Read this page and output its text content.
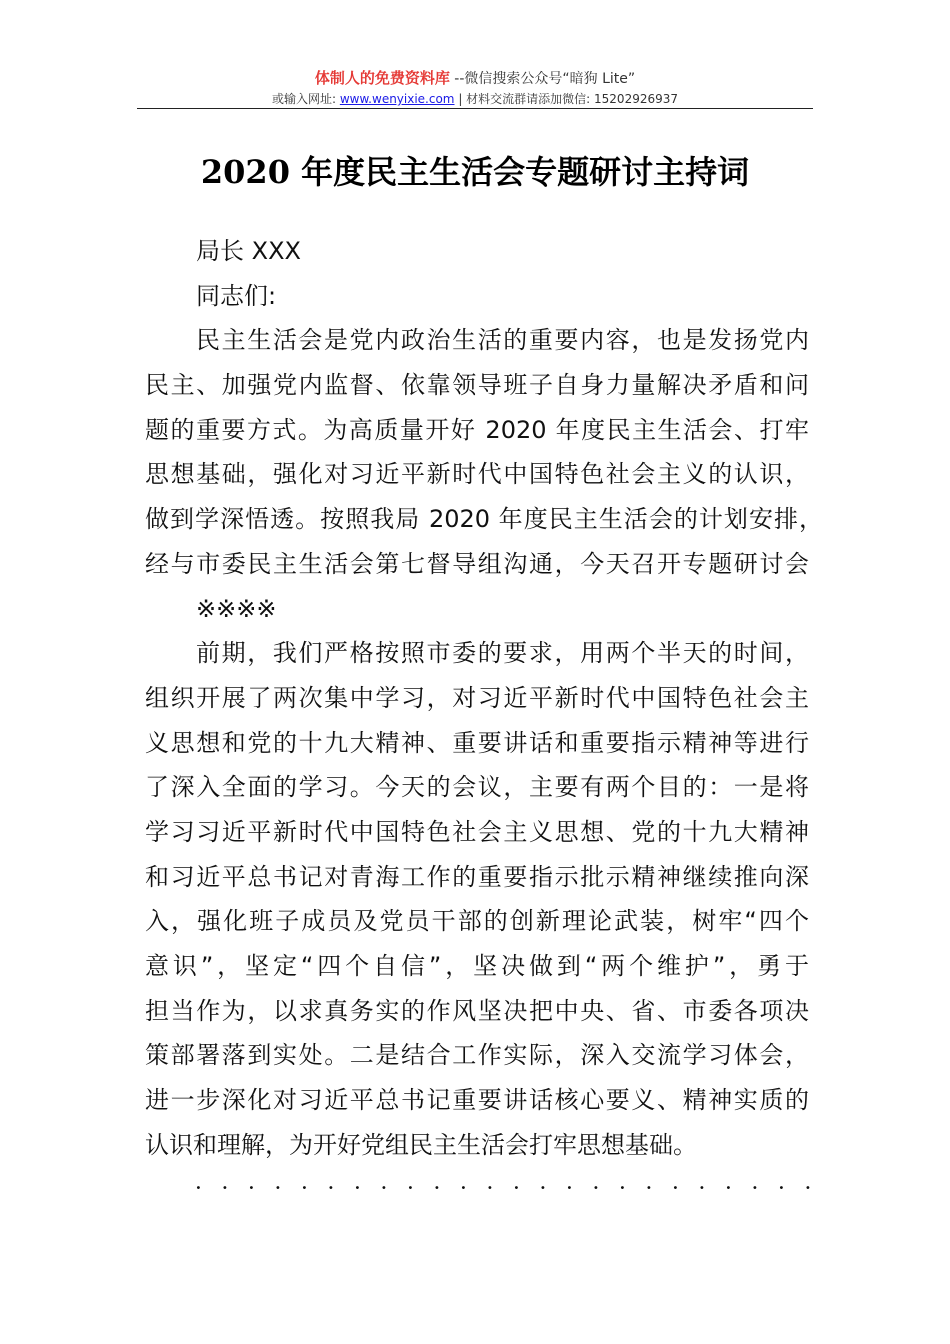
体制人的免费资料库 --微信搜索公众号“暗狗 Lite”
或输入网址: www.wenyixie.com | 材料交流群请添加微信: 15202926937
2020 年度民主生活会专题研讨主持词
局长 XXX
同志们:
民主生活会是党内政治生活的重要内容，也是发扬党内
民主、加强党内监督、依靠领导班子自身力量解决矛盾和问
题的重要方式。为高质量开好 2020 年度民主生活会、打牢
思想基础，强化对习近平新时代中国特色社会主义的认识，
做到学深悟透。按照我局 2020 年度民主生活会的计划安排，
经与市委民主生活会第七督导组沟通，今天召开专题研讨会
※※※※
前期，我们严格按照市委的要求，用两个半天的时间，
组织开展了两次集中学习，对习近平新时代中国特色社会主
义思想和党的十九大精神、重要讲话和重要指示精神等进行
了深入全面的学习。今天的会议，主要有两个目的：一是将
学习习近平新时代中国特色社会主义思想、党的十九大精神
和习近平总书记对青海工作的重要指示批示精神继续推向深
入，强化班子成员及党员干部的创新理论武装，树牢“四个
意识”，坚定“四个自信”，坚决做到“两个维护”，勇于
担当作为，以求真务实的作风坚决把中央、省、市委各项决
策部署落到实处。二是结合工作实际，深入交流学习体会，
进一步深化对习近平总书记重要讲话核心要义、精神实质的
认识和理解，为开好党组民主生活会打牢思想基础。
．．．．．．．．．．．．．．．．．．．．．．．．
